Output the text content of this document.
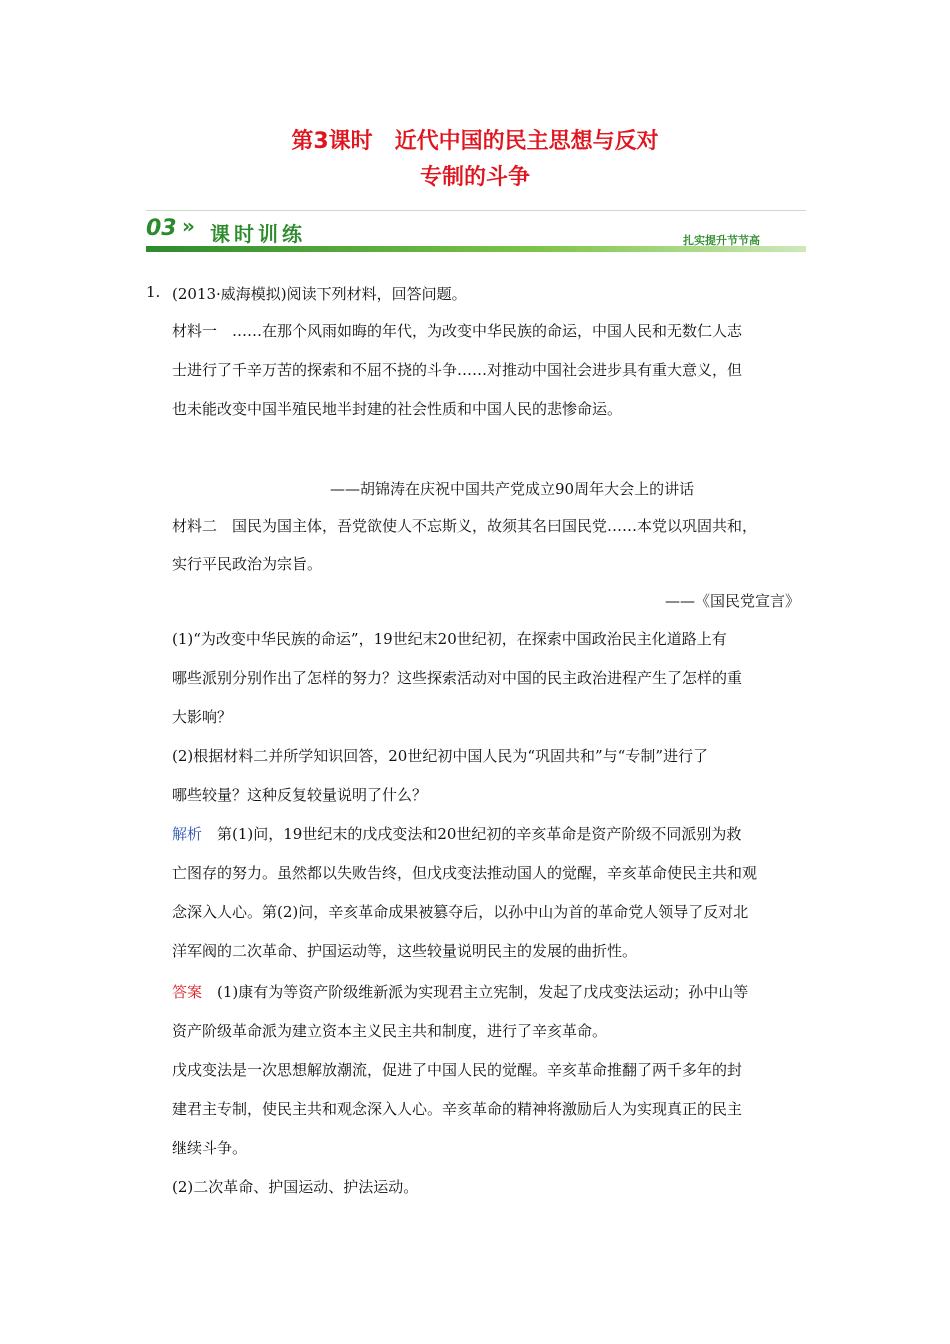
第3课时　近代中国的民主思想与反对
专制的斗争
03 » 课时训练	扎实提升节节高
1. (2013·威海模拟)阅读下列材料，回答问题。
材料一　……在那个风雨如晦的年代，为改变中华民族的命运，中国人民和无数仁人志
士进行了千辛万苦的探索和不屈不挠的斗争……对推动中国社会进步具有重大意义，但
也未能改变中国半殖民地半封建的社会性质和中国人民的悲惨命运。
——胡锦涛在庆祝中国共产党成立90周年大会上的讲话
材料二　国民为国主体，吾党欲使人不忘斯义，故须其名曰国民党……本党以巩固共和，
实行平民政治为宗旨。
——《国民党宣言》
(1)“为改变中华民族的命运”，19世纪末20世纪初，在探索中国政治民主化道路上有
哪些派别分别作出了怎样的努力？这些探索活动对中国的民主政治进程产生了怎样的重
大影响？
(2)根据材料二并所学知识回答，20世纪初中国人民为“巩固共和”与“专制”进行了
哪些较量？这种反复较量说明了什么？
解析 　第(1)问，19世纪末的戊戌变法和20世纪初的辛亥革命是资产阶级不同派别为救
亡图存的努力。虽然都以失败告终，但戊戌变法推动国人的觉醒，辛亥革命使民主共和观
念深入人心。第(2)问，辛亥革命成果被篡夺后，以孙中山为首的革命党人领导了反对北
洋军阀的二次革命、护国运动等，这些较量说明民主的发展的曲折性。
答案 　(1)康有为等资产阶级维新派为实现君主立宪制，发起了戊戌变法运动；孙中山等
资产阶级革命派为建立资本主义民主共和制度，进行了辛亥革命。
戊戌变法是一次思想解放潮流，促进了中国人民的觉醒。辛亥革命推翻了两千多年的封
建君主专制，使民主共和观念深入人心。辛亥革命的精神将激励后人为实现真正的民主
继续斗争。
(2)二次革命、护国运动、护法运动。
